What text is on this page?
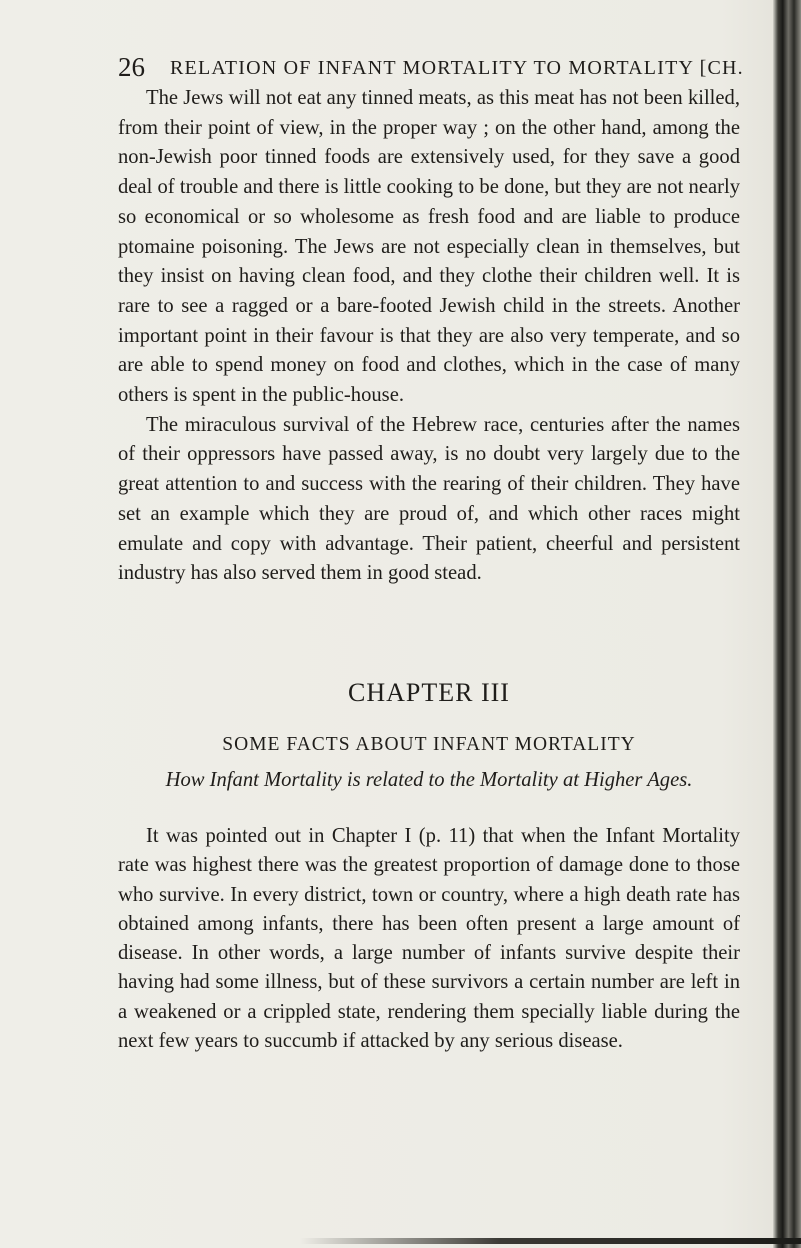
26 RELATION OF INFANT MORTALITY TO MORTALITY [CH.

The Jews will not eat any tinned meats, as this meat has not been killed, from their point of view, in the proper way ; on the other hand, among the non-Jewish poor tinned foods are extensively used, for they save a good deal of trouble and there is little cooking to be done, but they are not nearly so economical or so wholesome as fresh food and are liable to produce ptomaine poisoning. The Jews are not especially clean in themselves, but they insist on having clean food, and they clothe their children well. It is rare to see a ragged or a bare-footed Jewish child in the streets. Another important point in their favour is that they are also very temperate, and so are able to spend money on food and clothes, which in the case of many others is spent in the public-house.

The miraculous survival of the Hebrew race, centuries after the names of their oppressors have passed away, is no doubt very largely due to the great attention to and success with the rearing of their children. They have set an example which they are proud of, and which other races might emulate and copy with advantage. Their patient, cheerful and persistent industry has also served them in good stead.

CHAPTER III
SOME FACTS ABOUT INFANT MORTALITY
How Infant Mortality is related to the Mortality at Higher Ages.

It was pointed out in Chapter I (p. 11) that when the Infant Mortality rate was highest there was the greatest proportion of damage done to those who survive. In every district, town or country, where a high death rate has obtained among infants, there has been often present a large amount of disease. In other words, a large number of infants survive despite their having had some illness, but of these survivors a certain number are left in a weakened or a crippled state, rendering them specially liable during the next few years to succumb if attacked by any serious disease.
